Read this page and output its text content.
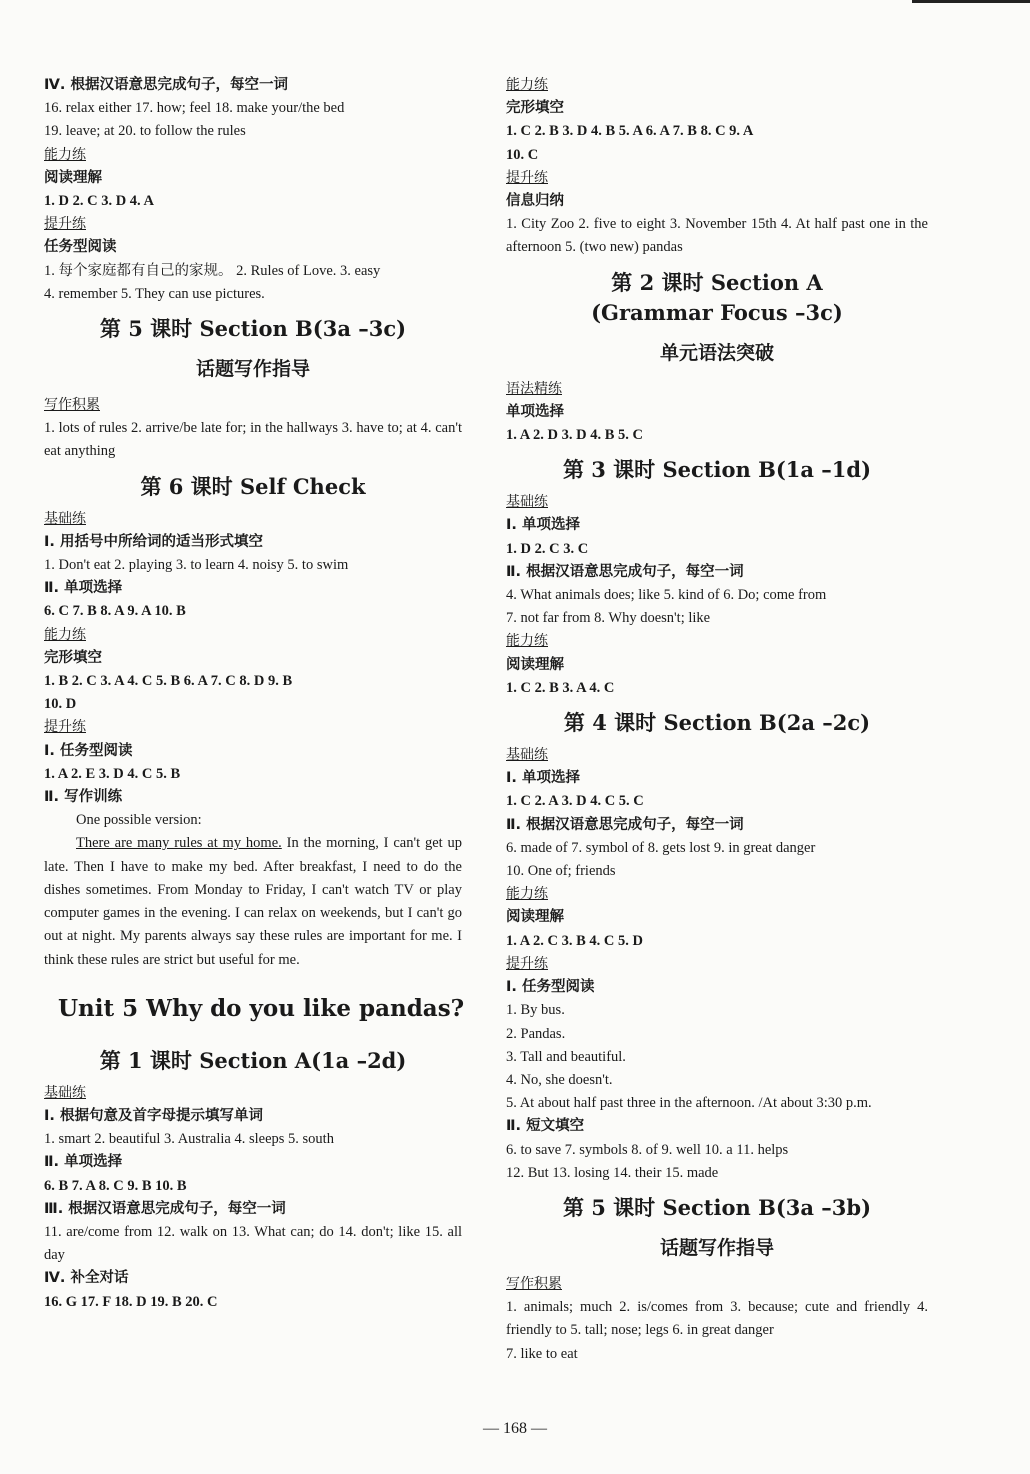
Ⅳ. 根据汉语意思完成句子，每空一词
16. relax either 17. how; feel 18. make your/the bed
19. leave; at 20. to follow the rules
能力练
阅读理解
1. D 2. C 3. D 4. A
提升练
任务型阅读
1. 每个家庭都有自己的家规。 2. Rules of Love. 3. easy
4. remember 5. They can use pictures.
第 5 课时 Section B(3a –3c)
话题写作指导
写作积累
1. lots of rules 2. arrive/be late for; in the hallways 3. have to; at 4. can't eat anything
第 6 课时 Self Check
基础练
Ⅰ. 用括号中所给词的适当形式填空
1. Don't eat 2. playing 3. to learn 4. noisy 5. to swim
Ⅱ. 单项选择
6. C 7. B 8. A 9. A 10. B
能力练
完形填空
1. B 2. C 3. A 4. C 5. B 6. A 7. C 8. D 9. B
10. D
提升练
Ⅰ. 任务型阅读
1. A 2. E 3. D 4. C 5. B
Ⅱ. 写作训练
One possible version:
There are many rules at my home. In the morning, I can't get up late. Then I have to make my bed. After breakfast, I need to do the dishes sometimes. From Monday to Friday, I can't watch TV or play computer games in the evening. I can relax on weekends, but I can't go out at night. My parents always say these rules are important for me. I think these rules are strict but useful for me.
Unit 5 Why do you like pandas?
第 1 课时 Section A(1a –2d)
基础练
Ⅰ. 根据句意及首字母提示填写单词
1. smart 2. beautiful 3. Australia 4. sleeps 5. south
Ⅱ. 单项选择
6. B 7. A 8. C 9. B 10. B
Ⅲ. 根据汉语意思完成句子，每空一词
11. are/come from 12. walk on 13. What can; do 14. don't; like 15. all day
Ⅳ. 补全对话
16. G 17. F 18. D 19. B 20. C
能力练
完形填空
1. C 2. B 3. D 4. B 5. A 6. A 7. B 8. C 9. A
10. C
提升练
信息归纳
1. City Zoo 2. five to eight 3. November 15th 4. At half past one in the afternoon 5. (two new) pandas
第 2 课时 Section A
(Grammar Focus –3c)
单元语法突破
语法精练
单项选择
1. A 2. D 3. D 4. B 5. C
第 3 课时 Section B(1a –1d)
基础练
Ⅰ. 单项选择
1. D 2. C 3. C
Ⅱ. 根据汉语意思完成句子，每空一词
4. What animals does; like 5. kind of 6. Do; come from
7. not far from 8. Why doesn't; like
能力练
阅读理解
1. C 2. B 3. A 4. C
第 4 课时 Section B(2a –2c)
基础练
Ⅰ. 单项选择
1. C 2. A 3. D 4. C 5. C
Ⅱ. 根据汉语意思完成句子，每空一词
6. made of 7. symbol of 8. gets lost 9. in great danger
10. One of; friends
能力练
阅读理解
1. A 2. C 3. B 4. C 5. D
提升练
Ⅰ. 任务型阅读
1. By bus.
2. Pandas.
3. Tall and beautiful.
4. No, she doesn't.
5. At about half past three in the afternoon. /At about 3:30 p.m.
Ⅱ. 短文填空
6. to save 7. symbols 8. of 9. well 10. a 11. helps
12. But 13. losing 14. their 15. made
第 5 课时 Section B(3a –3b)
话题写作指导
写作积累
1. animals; much 2. is/comes from 3. because; cute and friendly 4. friendly to 5. tall; nose; legs 6. in great danger
7. like to eat
— 168 —
